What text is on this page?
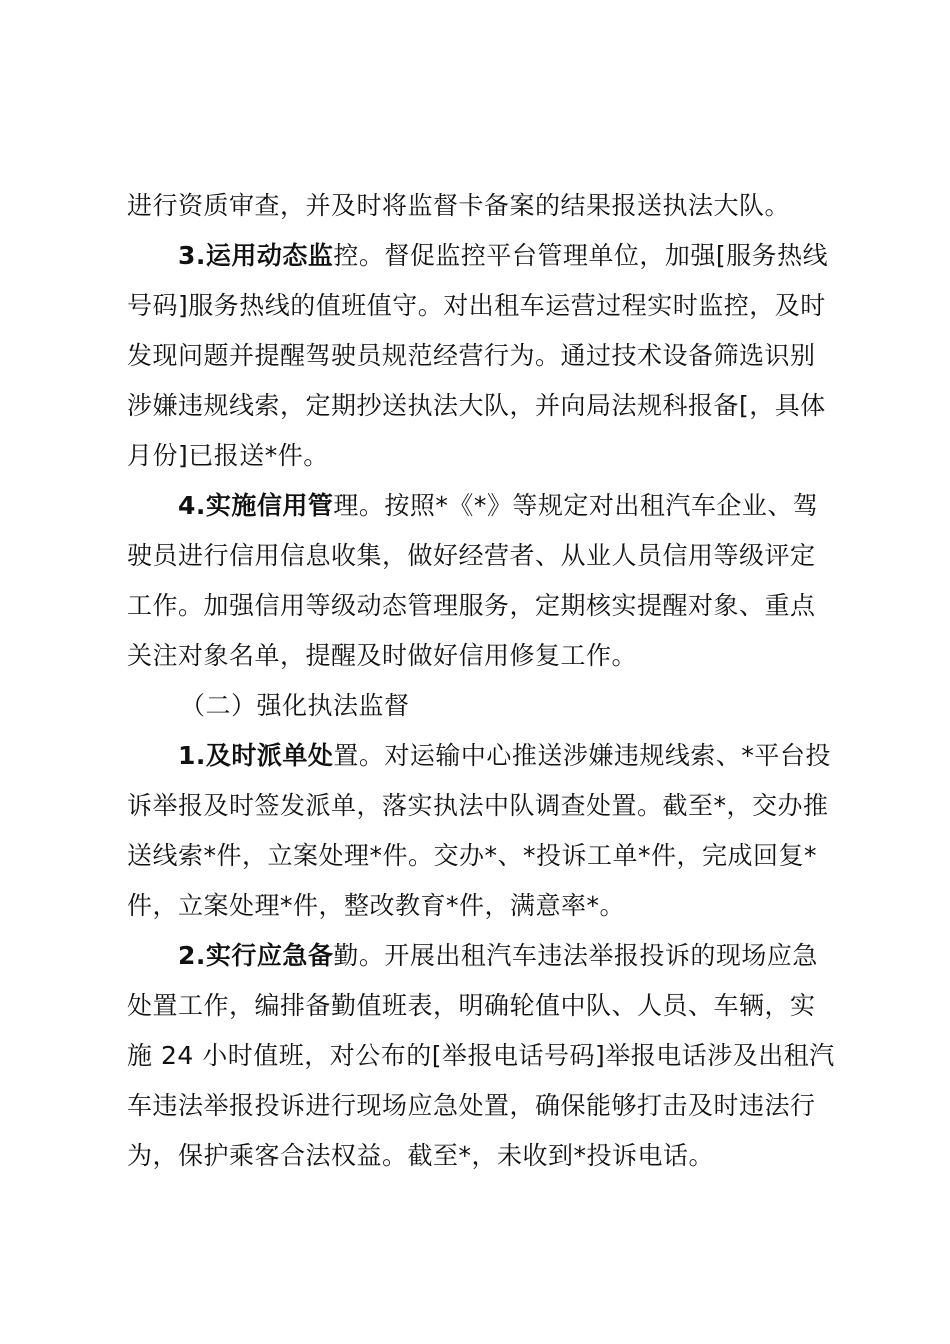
进行资质审查，并及时将监督卡备案的结果报送执法大队。
3.运用动态监控。督促监控平台管理单位，加强[服务热线
号码]服务热线的值班值守。对出租车运营过程实时监控，及时
发现问题并提醒驾驶员规范经营行为。通过技术设备筛选识别
涉嫌违规线索，定期抄送执法大队，并向局法规科报备[，具体
月份]已报送*件。
4.实施信用管理。按照*《*》等规定对出租汽车企业、驾
驶员进行信用信息收集，做好经营者、从业人员信用等级评定
工作。加强信用等级动态管理服务，定期核实提醒对象、重点
关注对象名单，提醒及时做好信用修复工作。
（二）强化执法监督
1.及时派单处置。对运输中心推送涉嫌违规线索、*平台投
诉举报及时签发派单，落实执法中队调查处置。截至*，交办推
送线索*件，立案处理*件。交办*、*投诉工单*件，完成回复*
件，立案处理*件，整改教育*件，满意率*。
2.实行应急备勤。开展出租汽车违法举报投诉的现场应急
处置工作，编排备勤值班表，明确轮值中队、人员、车辆，实
施 24 小时值班，对公布的[举报电话号码]举报电话涉及出租汽
车违法举报投诉进行现场应急处置，确保能够打击及时违法行
为，保护乘客合法权益。截至*，未收到*投诉电话。
